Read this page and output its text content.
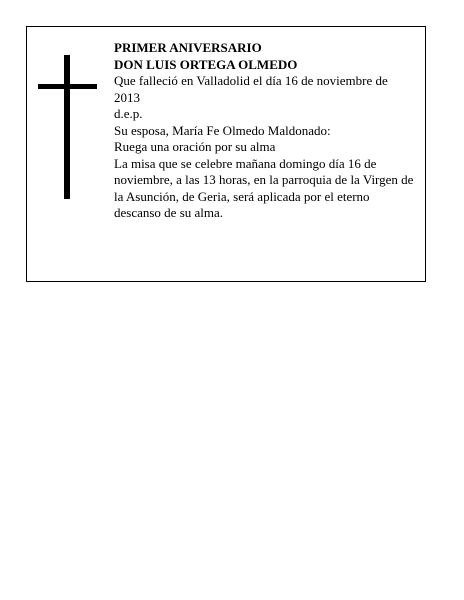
PRIMER ANIVERSARIO

DON LUIS ORTEGA OLMEDO

Que falleció en Valladolid el día 16 de noviembre de 2013

d.e.p.

Su esposa, María Fe Olmedo Maldonado:

Ruega una oración por su alma

La misa que se celebre mañana domingo día 16 de noviembre, a las 13 horas, en la parroquia de la Virgen de la Asunción, de Geria, será aplicada por el eterno descanso de su alma.
